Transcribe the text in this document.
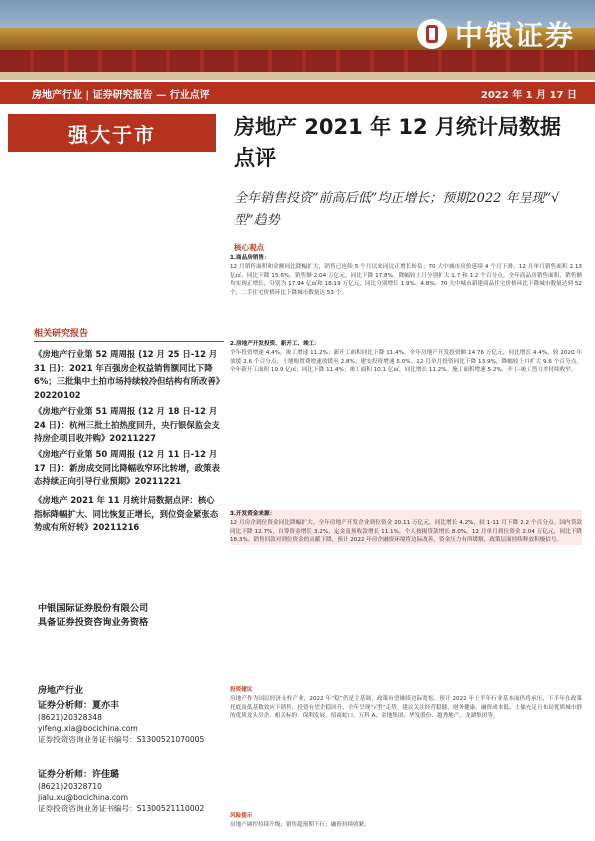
中银证券
房地产行业 | 证券研究报告 — 行业点评	2022 年 1 月 17 日
强大于市
相关研究报告
《房地产行业第 52 周周报 (12 月 25 日-12 月 31 日)：2021 年百强房企权益销售额同比下降 6%；三批集中土拍市场持续较冷但结构有所改善》20220102
《房地产行业第 51 周周报 (12 月 18 日-12 月 24 日)：杭州三批土拍热度回升，央行银保监会支持房企项目收并购》20211227
《房地产行业第 50 周周报 (12 月 11 日-12 月 17 日)：新房成交同比降幅收窄环比转增，政策表态持续正向引导行业预期》20211221
《房地产 2021 年 11 月统计局数据点评：核心指标降幅扩大、同比恢复正增长，到位资金紧张态势或有所好转》20211216
中银国际证券股份有限公司
具备证券投资咨询业务资格
房地产行业
证券分析师：夏亦丰
(8621)20328348
yifeng.xia@bocichina.com
证券投资咨询业务证书编号：S1300521070005
证券分析师：许佳璐
(8621)20328710
jialu.xu@bocichina.com
证券投资咨询业务证书编号：S1300521110002
房地产 2021 年 12 月统计局数据点评
全年销售投资“前高后低”均正增长；预期2022 年呈现“√型”趋势
核心观点
1.商品房销售：
12 月销售面积和金额同比降幅扩大，销售已连续 5 个月以来同比正增长转负；70 大中城市房价延续 4 个月下滑。12 月单月销售面积 2.13 亿㎡，同比下降 15.6%，销售额 2.04 万亿元，同比下降 17.8%，降幅较上月分别扩大 1.7 和 1.2 个百分点。全年商品房销售面积、销售额均实现正增长，分别为 17.94 亿㎡和 18.19 万亿元，同比分别增长 1.9%、4.8%。70 大中城市新建商品住宅价格环比下降城市数量达到 52 个，二手住宅价格环比下降城市数量达 53 个。
2.房地产开发投资、新开工、竣工：
全年投资增速 4.4%，竣工增速 11.2%；新开工面积同比下降 11.4%。全年房地产开发投资额 14.76 万亿元，同比增长 4.4%，较 2020 年放缓 2.6 个百分点；土地购置费增速放缓至 2.8%；建安投资增速 5.0%。12 月单月投资同比下降 13.9%，降幅较上月扩大 9.6 个百分点。全年新开工面积 19.9 亿㎡，同比下降 11.4%；竣工面积 10.1 亿㎡，同比增长 11.2%。施工面积增速 5.2%，开工-竣工剪刀差持续收窄。
3.开发资金来源：
12 月房企到位资金同比降幅扩大。全年房地产开发企业到位资金 20.11 万亿元，同比增长 4.2%，较 1-11 月下降 2.2 个百分点。国内贷款同比下降 12.7%，自筹资金增长 3.2%，定金及预收款增长 11.1%，个人按揭贷款增长 8.0%。12 月单月到位资金 2.04 万亿元，同比下降 18.3%。销售回款对到位资金的贡献下降，预计 2022 年房企融资环境将边际改善，资金压力有所缓解，政策层面持续释放积极信号。
投资建议
房地产作为国民经济支柱产业，2022 年“稳”仍是主基调，政策有望继续边际宽松。预计 2022 年上半年行业基本面仍将承压，下半年在政策托底及低基数效应下销售、投资有望企稳回升，全年呈现“√型”走势。建议关注经营稳健、财务健康、融资成本低、土储充足且布局优质城市群的优质龙头房企，相关标的：保利发展、招商蛇口、万科 A、金地集团、华发股份、越秀地产、龙湖集团等。
风险提示
房地产调控持续升级；销售超预期下行；融资持续收紧。
